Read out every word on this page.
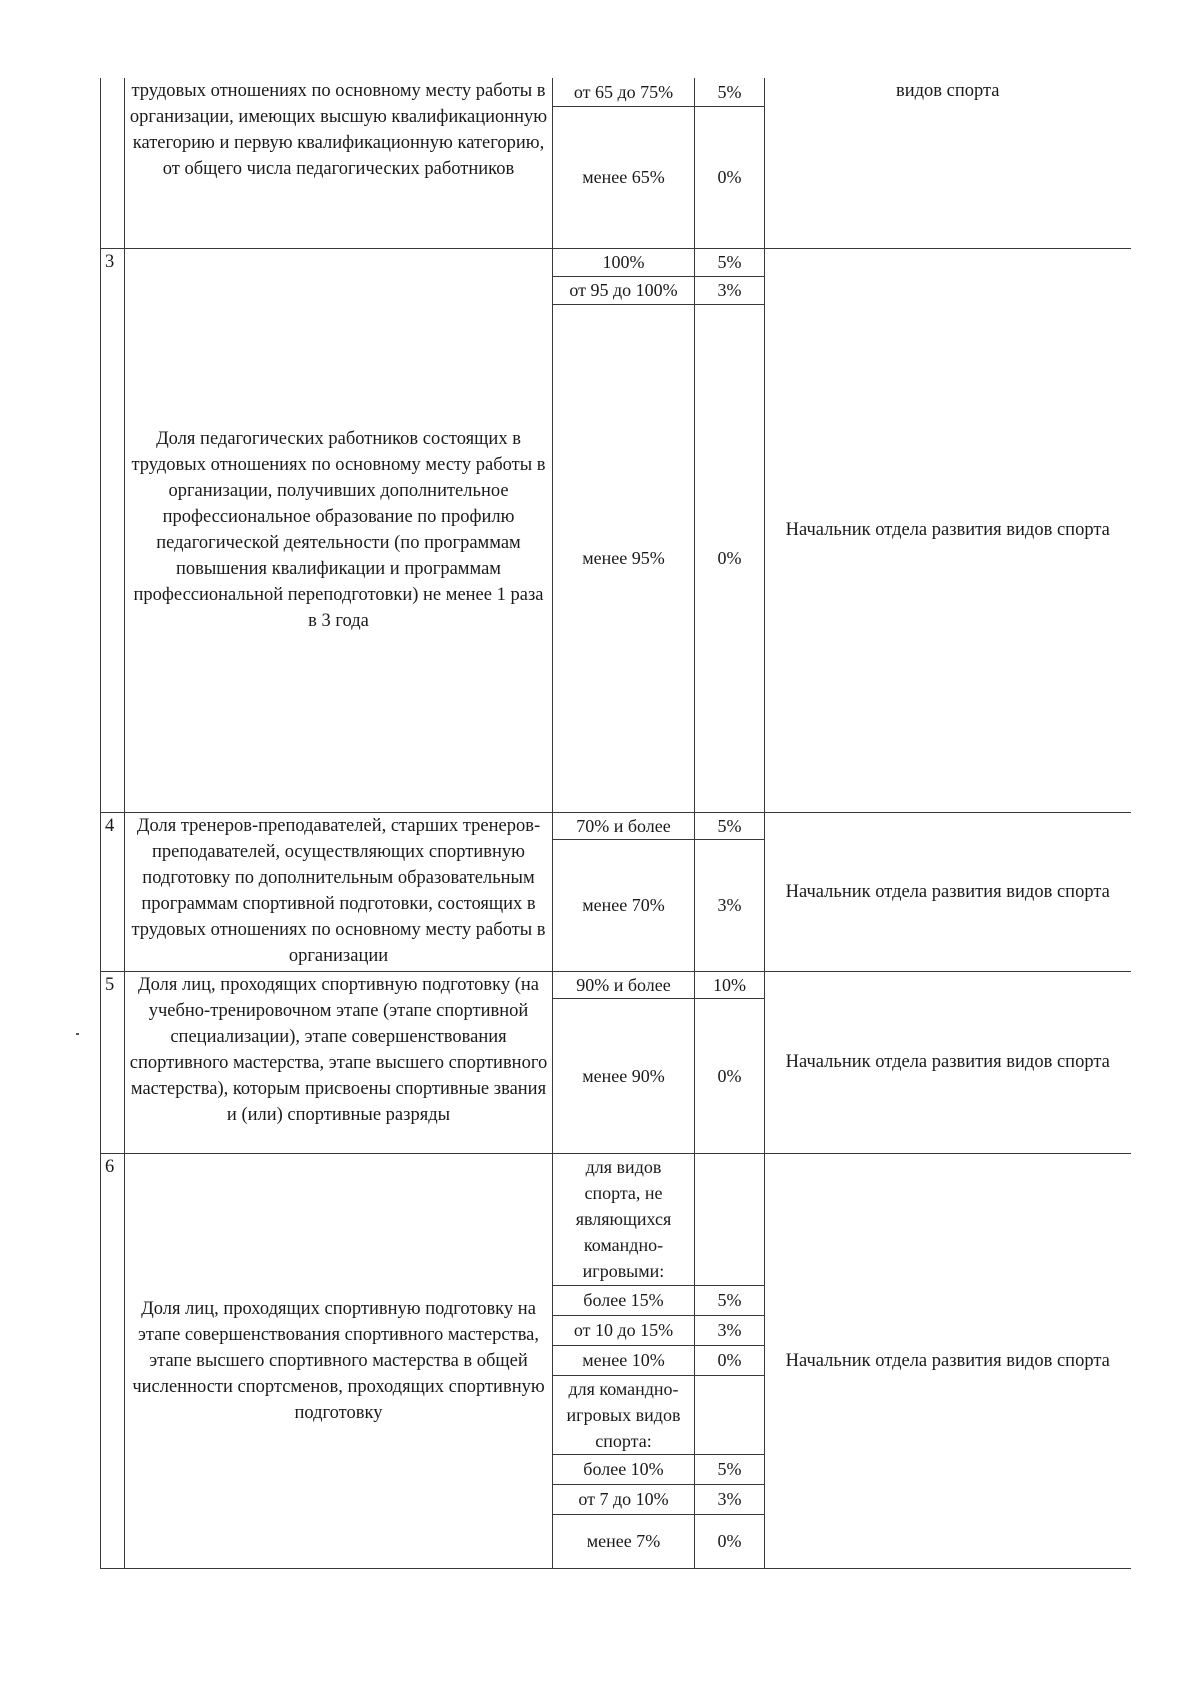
	трудовых отношениях по основному месту работы в организации, имеющих высшую квалификационную категорию и первую квалификационную категорию, от общего числа педагогических работников	от 65 до 75%	5%	видов спорта
		менее 65%	0%	
3	Доля педагогических работников состоящих в трудовых отношениях по основному месту работы в организации, получивших дополнительное профессиональное образование по профилю педагогической деятельности (по программам повышения квалификации и программам профессиональной переподготовки) не менее 1 раза в 3 года	100%	5%	Начальник отдела развития видов спорта
		от 95 до 100%	3%	
		менее 95%	0%	
4	Доля тренеров-преподавателей, старших тренеров-преподавателей, осуществляющих спортивную подготовку по дополнительным образовательным программам спортивной подготовки, состоящих в трудовых отношениях по основному месту работы в организации	70% и более	5%	Начальник отдела развития видов спорта
		менее 70%	3%	
5	Доля лиц, проходящих спортивную подготовку (на учебно-тренировочном этапе (этапе спортивной специализации), этапе совершенствования спортивного мастерства, этапе высшего спортивного мастерства), которым присвоены спортивные звания и (или) спортивные разряды	90% и более	10%	Начальник отдела развития видов спорта
		менее 90%	0%	
6	Доля лиц, проходящих спортивную подготовку на этапе совершенствования спортивного мастерства, этапе высшего спортивного мастерства в общей численности спортсменов, проходящих спортивную подготовку	для видов спорта, не являющихся командно-игровыми:		Начальник отдела развития видов спорта
		более 15%	5%	
		от 10 до 15%	3%	
		менее 10%	0%	
		для командно-игровых видов спорта:		
		более 10%	5%	
		от 7 до 10%	3%	
		менее 7%	0%	
